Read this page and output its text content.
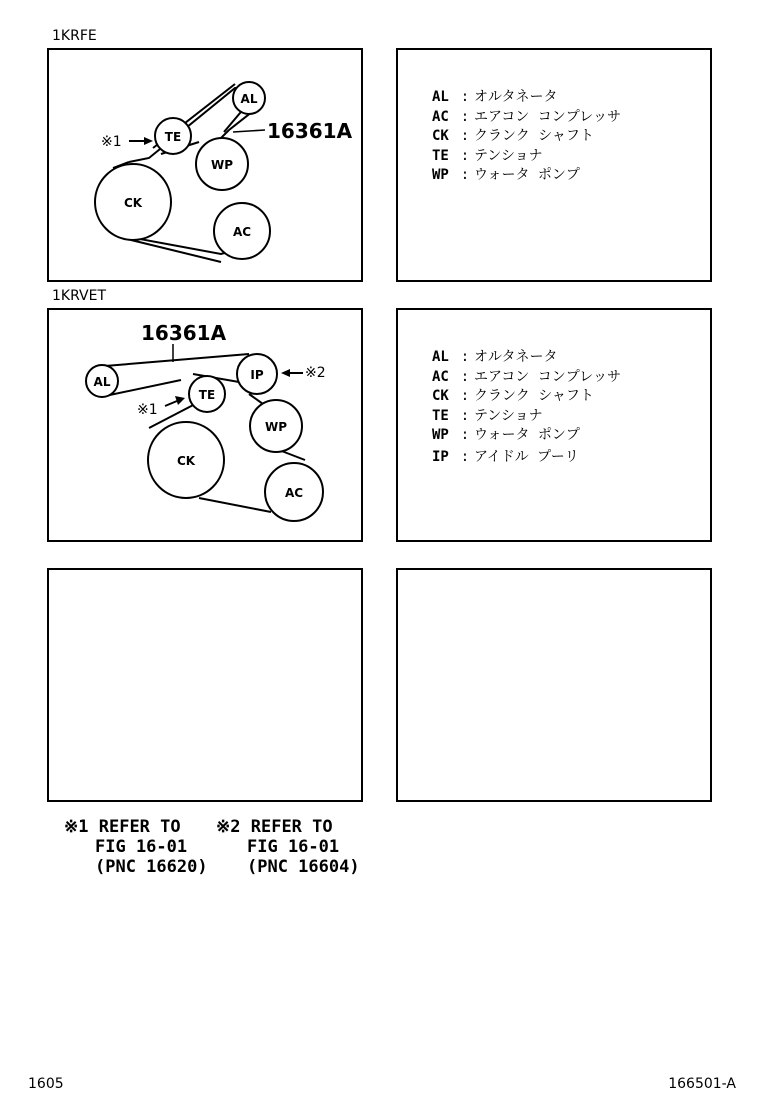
1KRFE
AL
TE
WP
CK
AC
16361A
※1
AL : オルタネータ
AC : エアコン コンプレッサ
CK : クランク シャフト
TE : テンショナ
WP : ウォータ ポンプ
1KRVET
AL
TE
IP
WP
CK
AC
16361A
※1
※2
AL : オルタネータ
AC : エアコン コンプレッサ
CK : クランク シャフト
TE : テンショナ
WP : ウォータ ポンプ
IP : アイドル プーリ
※1 REFER TO
FIG 16-01
(PNC 16620)
※2 REFER TO
FIG 16-01
(PNC 16604)
1605	166501-A
